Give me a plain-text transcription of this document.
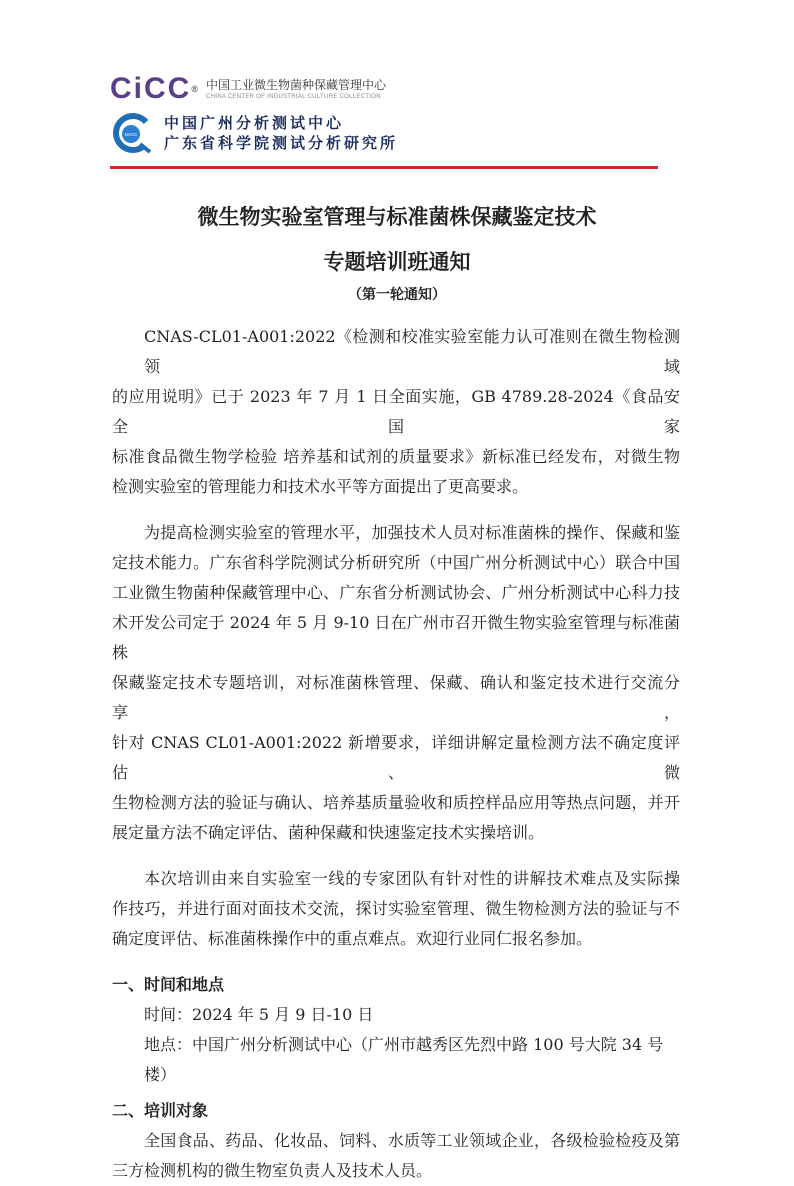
CiCC® 中国工业微生物菌种保藏管理中心
CHINA CENTER OF INDUSTRIAL CULTURE COLLECTION
NACC
中国广州分析测试中心
广东省科学院测试分析研究所
微生物实验室管理与标准菌株保藏鉴定技术
专题培训班通知
（第一轮通知）
CNAS-CL01-A001:2022《检测和校准实验室能力认可准则在微生物检测领域
的应用说明》已于 2023 年 7 月 1 日全面实施，GB 4789.28-2024《食品安全国家
标准食品微生物学检验 培养基和试剂的质量要求》新标准已经发布，对微生物
检测实验室的管理能力和技术水平等方面提出了更高要求。
为提高检测实验室的管理水平，加强技术人员对标准菌株的操作、保藏和鉴
定技术能力。广东省科学院测试分析研究所（中国广州分析测试中心）联合中国
工业微生物菌种保藏管理中心、广东省分析测试协会、广州分析测试中心科力技
术开发公司定于 2024 年 5 月 9-10 日在广州市召开微生物实验室管理与标准菌株
保藏鉴定技术专题培训，对标准菌株管理、保藏、确认和鉴定技术进行交流分享，
针对 CNAS CL01-A001:2022 新增要求，详细讲解定量检测方法不确定度评估、微
生物检测方法的验证与确认、培养基质量验收和质控样品应用等热点问题，并开
展定量方法不确定评估、菌种保藏和快速鉴定技术实操培训。
本次培训由来自实验室一线的专家团队有针对性的讲解技术难点及实际操
作技巧，并进行面对面技术交流，探讨实验室管理、微生物检测方法的验证与不
确定度评估、标准菌株操作中的重点难点。欢迎行业同仁报名参加。
一、时间和地点
时间：2024 年 5 月 9 日-10 日
地点：中国广州分析测试中心（广州市越秀区先烈中路 100 号大院 34 号楼）
二、培训对象
全国食品、药品、化妆品、饲料、水质等工业领域企业，各级检验检疫及第
三方检测机构的微生物室负责人及技术人员。
